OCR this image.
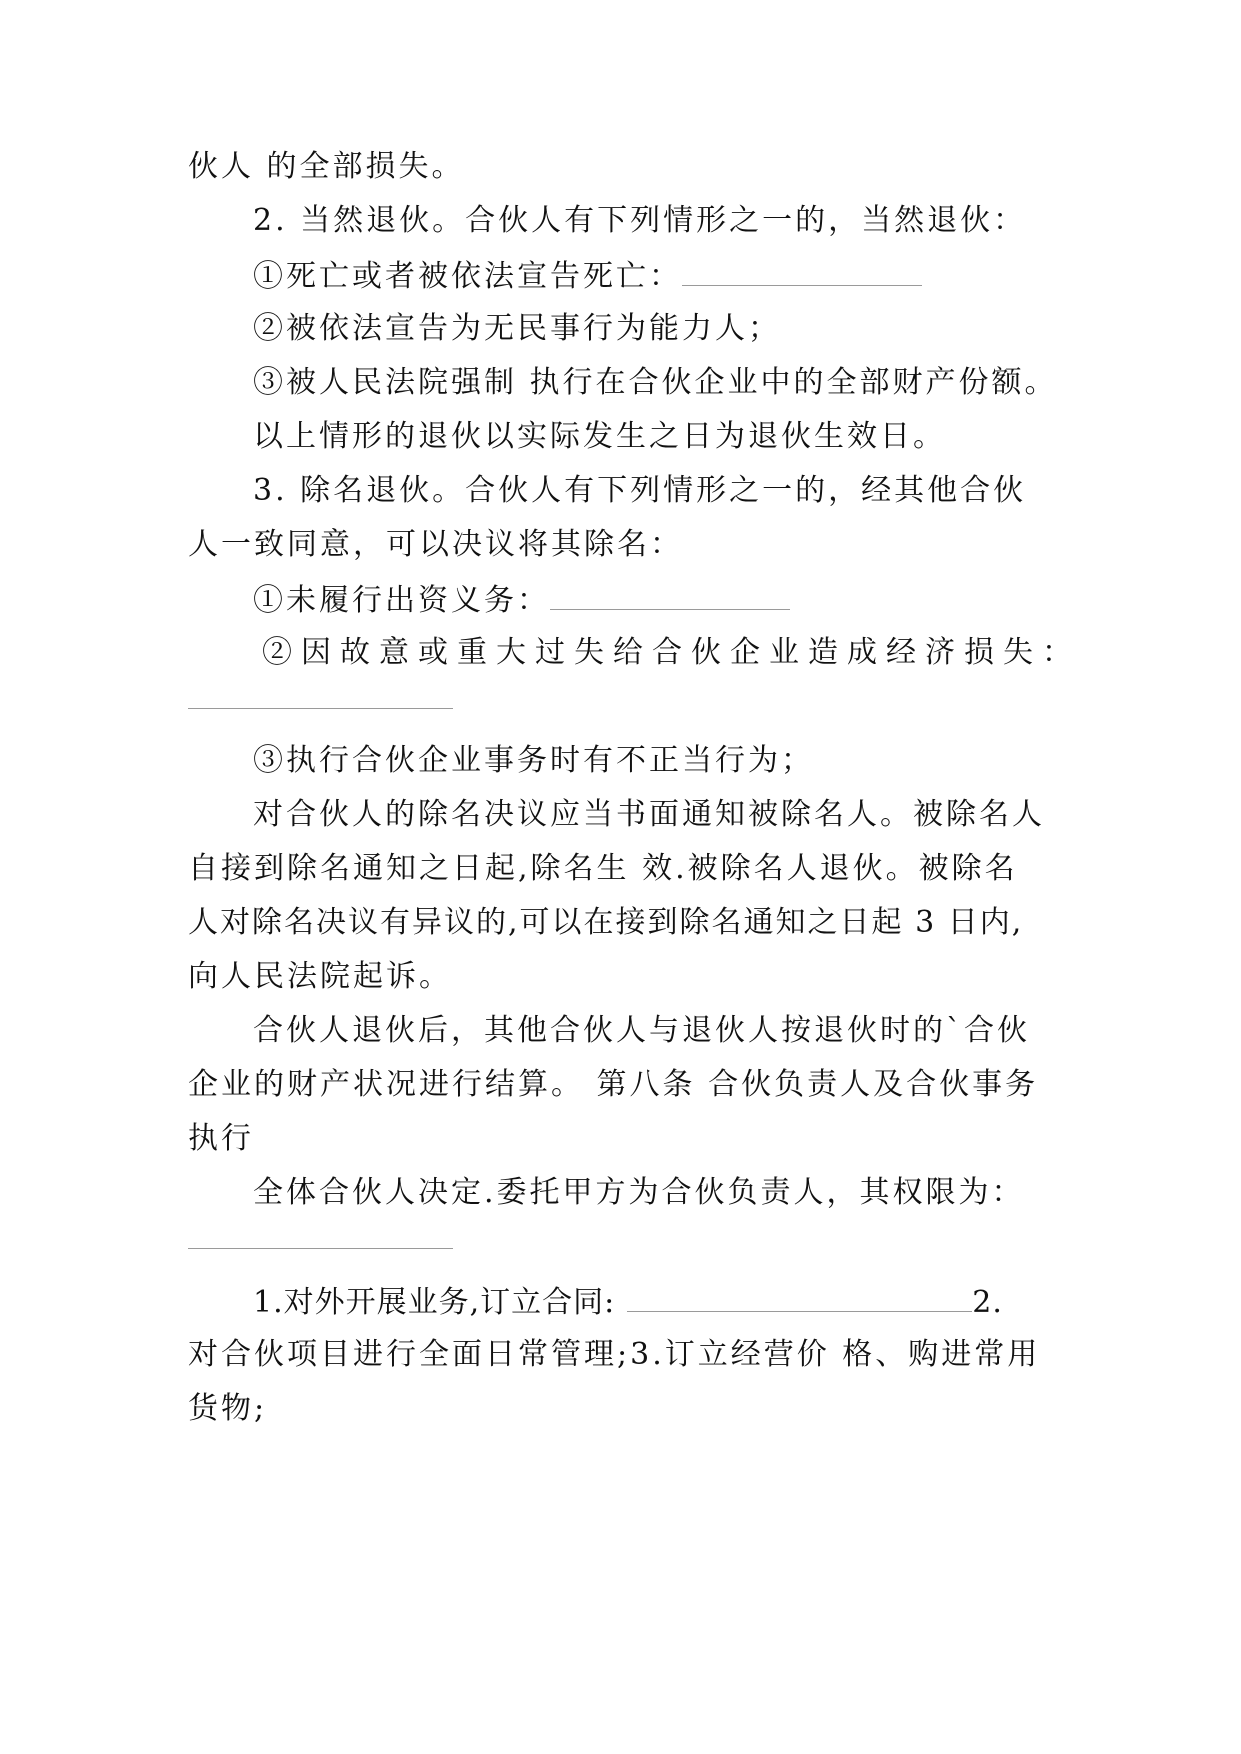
伙人 的全部损失。
2. 当然退伙。合伙人有下列情形之一的，当然退伙：
①死亡或者被依法宣告死亡：
②被依法宣告为无民事行为能力人；
③被人民法院强制 执行在合伙企业中的全部财产份额。
以上情形的退伙以实际发生之日为退伙生效日。
3. 除名退伙。合伙人有下列情形之一的，经其他合伙
人一致同意，可以决议将其除名：
①未履行出资义务：
②因故意或重大过失给合伙企业造成经济损失：
③执行合伙企业事务时有不正当行为；
对合伙人的除名决议应当书面通知被除名人。被除名人
自接到除名通知之日起,除名生 效.被除名人退伙。被除名
人对除名决议有异议的,可以在接到除名通知之日起 3 日内,
向人民法院起诉。
合伙人退伙后，其他合伙人与退伙人按退伙时的`合伙
企业的财产状况进行结算。 第八条 合伙负责人及合伙事务
执行
全体合伙人决定.委托甲方为合伙负责人，其权限为：
1.对外开展业务,订立合同:	2.
对合伙项目进行全面日常管理;3.订立经营价 格、购进常用
货物;
